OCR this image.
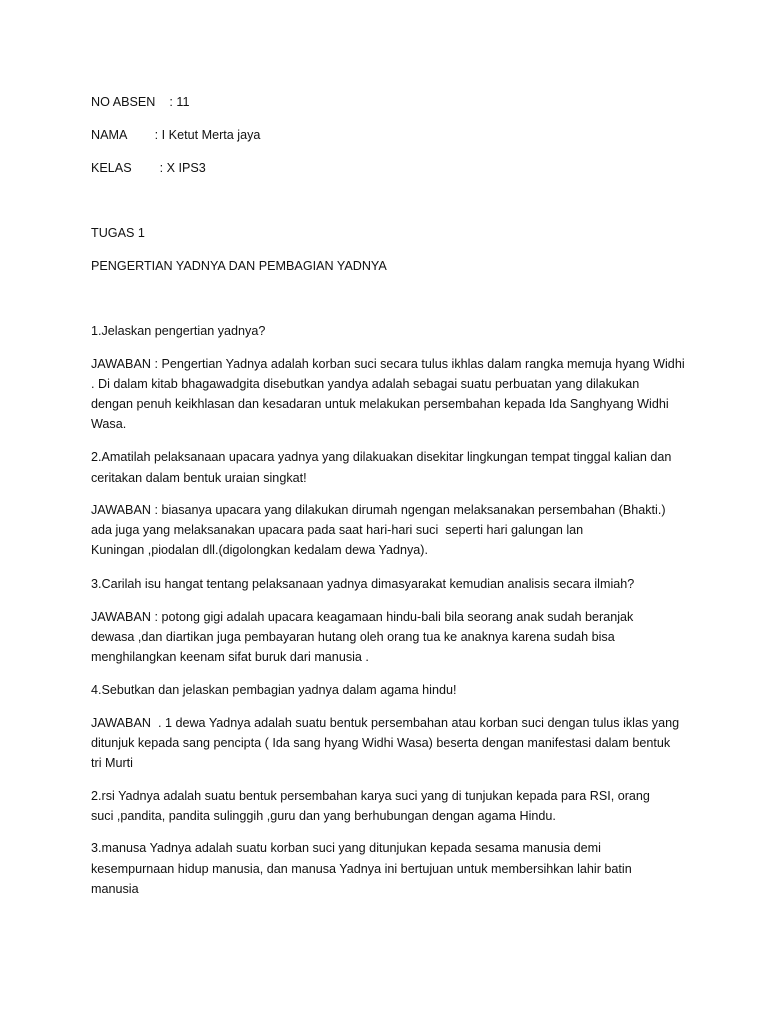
NO ABSEN    : 11
NAMA        : I Ketut Merta jaya
KELAS        : X IPS3
TUGAS 1
PENGERTIAN YADNYA DAN PEMBAGIAN YADNYA
1.Jelaskan pengertian yadnya?
JAWABAN : Pengertian Yadnya adalah korban suci secara tulus ikhlas dalam rangka memuja hyang Widhi
. Di dalam kitab bhagawadgita disebutkan yandya adalah sebagai suatu perbuatan yang dilakukan
dengan penuh keikhlasan dan kesadaran untuk melakukan persembahan kepada Ida Sanghyang Widhi
Wasa.
2.Amatilah pelaksanaan upacara yadnya yang dilakuakan disekitar lingkungan tempat tinggal kalian dan
ceritakan dalam bentuk uraian singkat!
JAWABAN : biasanya upacara yang dilakukan dirumah ngengan melaksanakan persembahan (Bhakti.)
ada juga yang melaksanakan upacara pada saat hari-hari suci  seperti hari galungan lan
Kuningan ,piodalan dll.(digolongkan kedalam dewa Yadnya).
3.Carilah isu hangat tentang pelaksanaan yadnya dimasyarakat kemudian analisis secara ilmiah?
JAWABAN : potong gigi adalah upacara keagamaan hindu-bali bila seorang anak sudah beranjak
dewasa ,dan diartikan juga pembayaran hutang oleh orang tua ke anaknya karena sudah bisa
menghilangkan keenam sifat buruk dari manusia .
4.Sebutkan dan jelaskan pembagian yadnya dalam agama hindu!
JAWABAN  . 1 dewa Yadnya adalah suatu bentuk persembahan atau korban suci dengan tulus iklas yang
ditunjuk kepada sang pencipta ( Ida sang hyang Widhi Wasa) beserta dengan manifestasi dalam bentuk
tri Murti
2.rsi Yadnya adalah suatu bentuk persembahan karya suci yang di tunjukan kepada para RSI, orang
suci ,pandita, pandita sulinggih ,guru dan yang berhubungan dengan agama Hindu.
3.manusa Yadnya adalah suatu korban suci yang ditunjukan kepada sesama manusia demi
kesempurnaan hidup manusia, dan manusa Yadnya ini bertujuan untuk membersihkan lahir batin
manusia
